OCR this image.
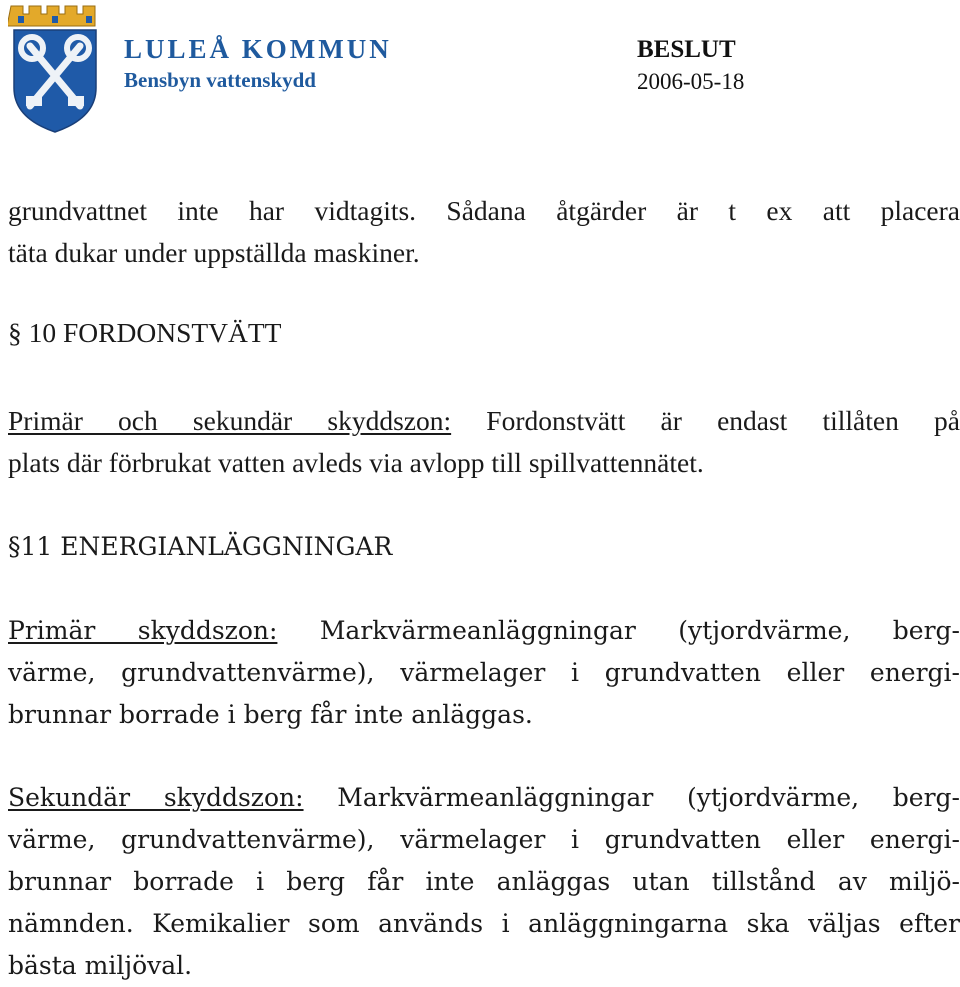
LULEÅ KOMMUN
Bensbyn vattenskydd
BESLUT
2006-05-18

grundvattnet inte har vidtagits. Sådana åtgärder är t ex att placera
täta dukar under uppställda maskiner.

§ 10 FORDONSTVÄTT

Primär och sekundär skyddszon: Fordonstvätt är endast tillåten på
plats där förbrukat vatten avleds via avlopp till spillvattennätet.

§11 ENERGIANLÄGGNINGAR

Primär skyddszon: Markvärmeanläggningar (ytjordvärme, berg-
värme, grundvattenvärme), värmelager i grundvatten eller energi-
brunnar borrade i berg får inte anläggas.

Sekundär skyddszon: Markvärmeanläggningar (ytjordvärme, berg-
värme, grundvattenvärme), värmelager i grundvatten eller energi-
brunnar borrade i berg får inte anläggas utan tillstånd av miljö-
nämnden. Kemikalier som används i anläggningarna ska väljas efter
bästa miljöval.
